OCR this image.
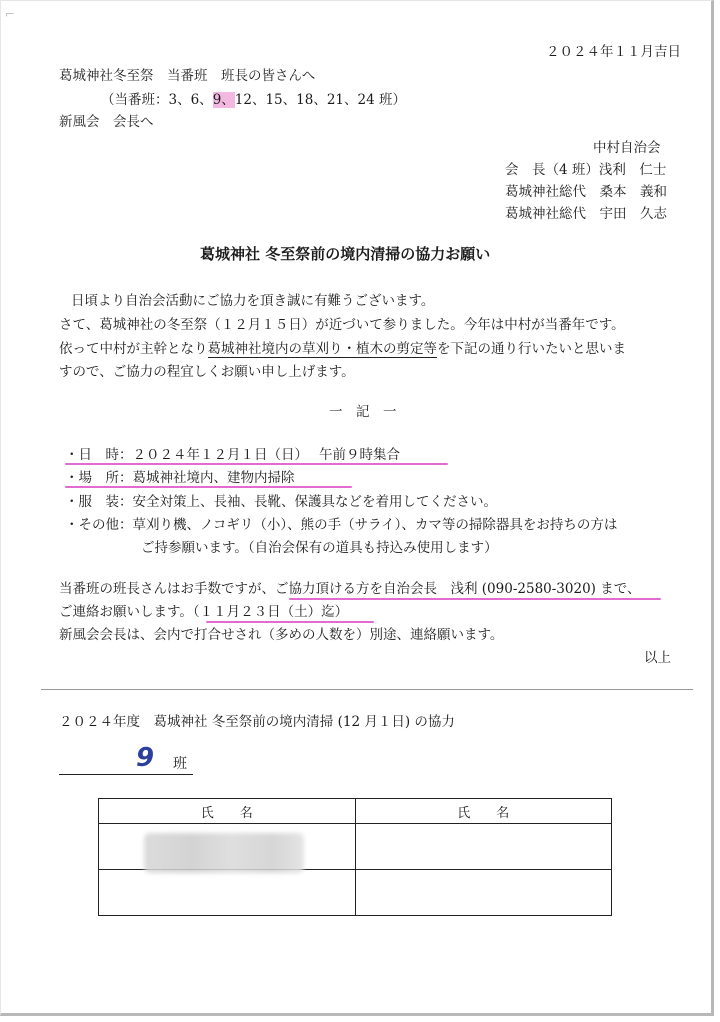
⌐
２０２４年１１月吉日
葛城神社冬至祭　当番班　班長の皆さんへ
（当番班：3、6、9、12、15、18、21、24 班）
新風会　会長へ
中村自治会
会　長（4 班）浅利　仁士
葛城神社総代　桑本　義和
葛城神社総代　宇田　久志
葛城神社 冬至祭前の境内清掃の協力お願い
日頃より自治会活動にご協力を頂き誠に有難うございます。
さて、葛城神社の冬至祭（１２月１５日）が近づいて参りました。今年は中村が当番年です。
依って中村が主幹となり葛城神社境内の草刈り・植木の剪定等を下記の通り行いたいと思いま
すので、ご協力の程宜しくお願い申し上げます。
一　記　一
・日　時：２０２４年１２月１日（日）　 午前９時集合
・場　所：葛城神社境内、建物内掃除
・服　装：安全対策上、長袖、長靴、保護具などを着用してください。
・その他：草刈り機、ノコギリ（小）、熊の手（サライ）、カマ等の掃除器具をお持ちの方は
ご持参願います。（自治会保有の道具も持込み使用します）
当番班の班長さんはお手数ですが、ご協力頂ける方を自治会長　浅利 (090-2580-3020) まで、
ご連絡お願いします。（１１月２３日（土）迄）
新風会会長は、会内で打合せされ（多めの人数を）別途、連絡願います。
以上
２０２４年度　葛城神社 冬至祭前の境内清掃 (12 月１日) の協力
9 班
氏　　名	氏　　名
